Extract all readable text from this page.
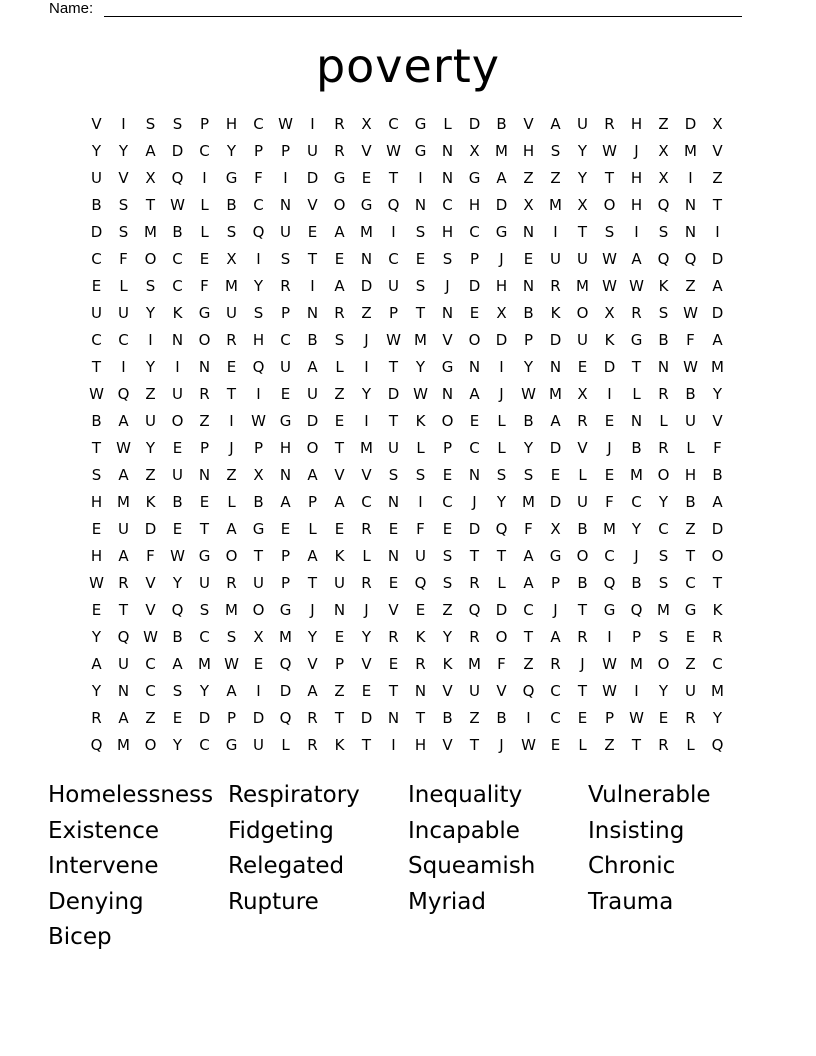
Name:
poverty
V	I	S	S	P	H	C W	I	R	X	C	G	L	D	B	V	A	U	R	H	Z	D	X
Y	Y	A	D	C	Y	P	P	U	R	V W G	N	X	M H	S	Y	W	J	X	M	V
U	V	X	Q	I	G	F	I	D	G	E	T	I	N	G	A	Z	Z	Y	T	H	X	I	Z
B	S	T	W	L	B	C	N	V	O	G	Q	N	C	H	D	X	M	X	O	H	Q	N	T
D	S	M	B	L	S	Q	U	E	A	M	I	S	H	C	G	N	I	T	S	I	S	N	I
C	F	O	C	E	X	I	S	T	E	N	C	E	S	P	J	E	U	U W A	Q	Q	D
E	L	S	C	F	M	Y	R	I	A	D	U	S	J	D	H	N	R	M W W K	Z	A
U	U	Y	K	G	U	S	P	N	R	Z	P	T	N	E	X	B	K	O	X	R	S W D
C	C	I	N	O	R	H	C	B	S	J	W M	V	O	D	P	D	U	K	G	B	F	A
T	I	Y	I	N	E	Q	U	A	L	I	T	Y	G	N	I	Y	N	E	D	T	N W M
W Q	Z	U	R	T	I	E	U	Z	Y	D W N	A	J	W M	X	I	L	R	B	Y
B	A	U	O	Z	I	W G	D	E	I	T	K	O	E	L	B	A	R	E	N	L	U	V
T	W Y	E	P	J	P	H	O	T	M	U	L	P	C	L	Y	D	V	J	B	R	L	F
S	A	Z	U	N	Z	X	N	A	V	V	S	S	E	N	S	S	E	L	E	M O	H	B
H M	K	B	E	L	B	A	P	A	C	N	I	C	J	Y	M D	U	F	C	Y	B	A
E	U	D	E	T	A	G	E	L	E	R	E	F	E	D	Q	F	X	B	M	Y	C	Z	D
H	A	F	W G	O	T	P	A	K	L	N	U	S	T	T	A	G	O	C	J	S	T	O
W R	V	Y	U	R	U	P	T	U	R	E	Q	S	R	L	A	P	B	Q	B	S	C	T
E	T	V	Q	S	M O	G	J	N	J	V	E	Z	Q	D	C	J	T	G	Q M G	K
Y	Q W B	C	S	X	M	Y	E	Y	R	K	Y	R	O	T	A	R	I	P	S	E	R
A	U	C	A	M W E	Q	V	P	V	E	R	K	M	F	Z	R	J	W M O	Z	C
Y	N	C	S	Y	A	I	D	A	Z	E	T	N	V	U	V	Q	C	T	W	I	Y	U	M
R	A	Z	E	D	P	D	Q	R	T	D	N	T	B	Z	B	I	C	E	P	W E	R	Y
Q M O	Y	C	G	U	L	R	K	T	I	H	V	T	J	W E	L	Z	T	R	L	Q
Homelessness Respiratory Inequality	Vulnerable
Existence	Fidgeting	Incapable	Insisting
Intervene	Relegated	Squeamish Chronic
Denying	Rupture	Myriad	Trauma
Bicep
